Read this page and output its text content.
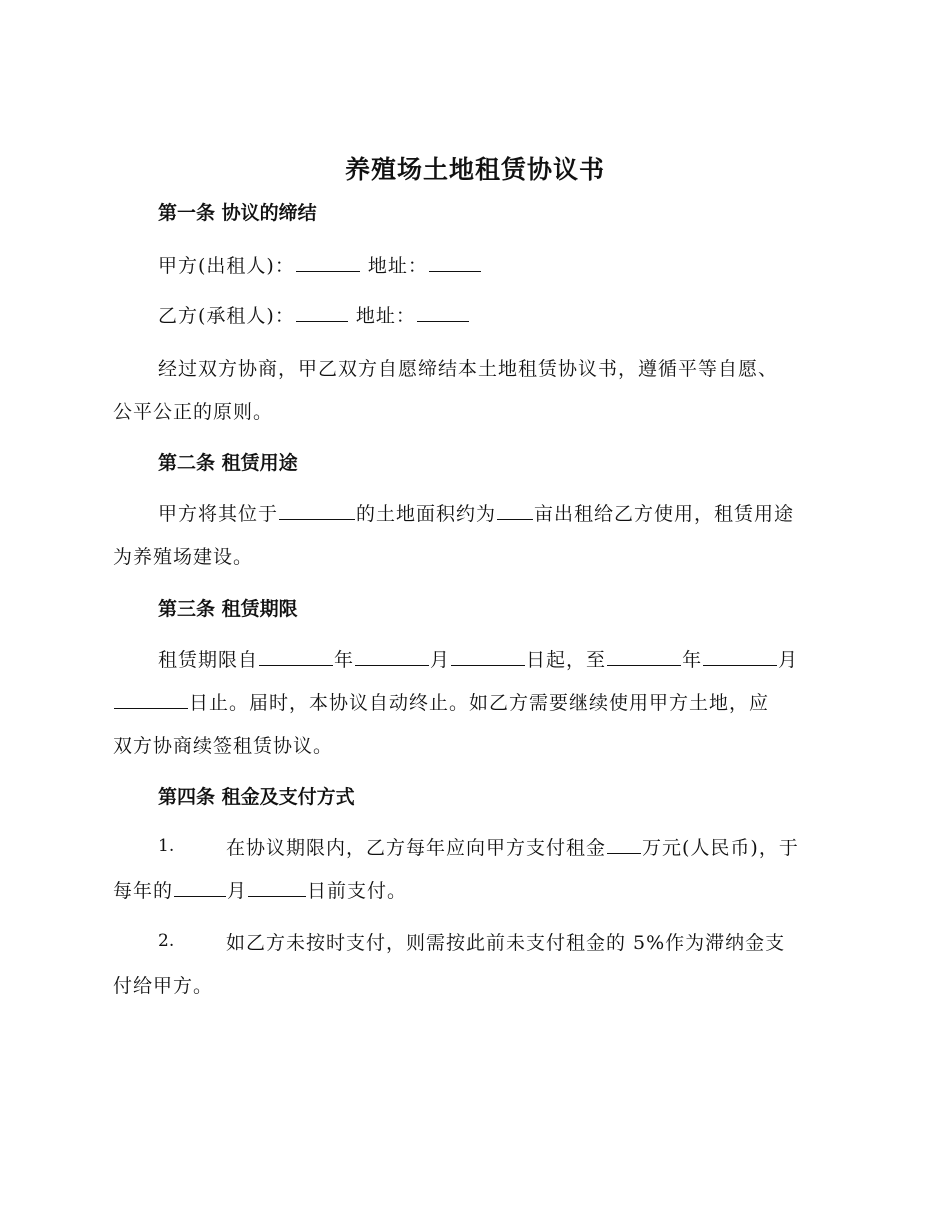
养殖场土地租赁协议书
第一条 协议的缔结
甲方(出租人)：	地址：
乙方(承租人)：	地址：
经过双方协商，甲乙双方自愿缔结本土地租赁协议书，遵循平等自愿、
公平公正的原则。
第二条 租赁用途
甲方将其位于	的土地面积约为 亩出租给乙方使用，租赁用途
为养殖场建设。
第三条 租赁期限
租赁期限自	年	月	日起，至	年	月
日止。届时，本协议自动终止。如乙方需要继续使用甲方土地，应
双方协商续签租赁协议。
第四条 租金及支付方式
1.	在协议期限内，乙方每年应向甲方支付租金 万元(人民币)，于
每年的	月	日前支付。
2.	如乙方未按时支付，则需按此前未支付租金的 5%作为滞纳金支
付给甲方。
